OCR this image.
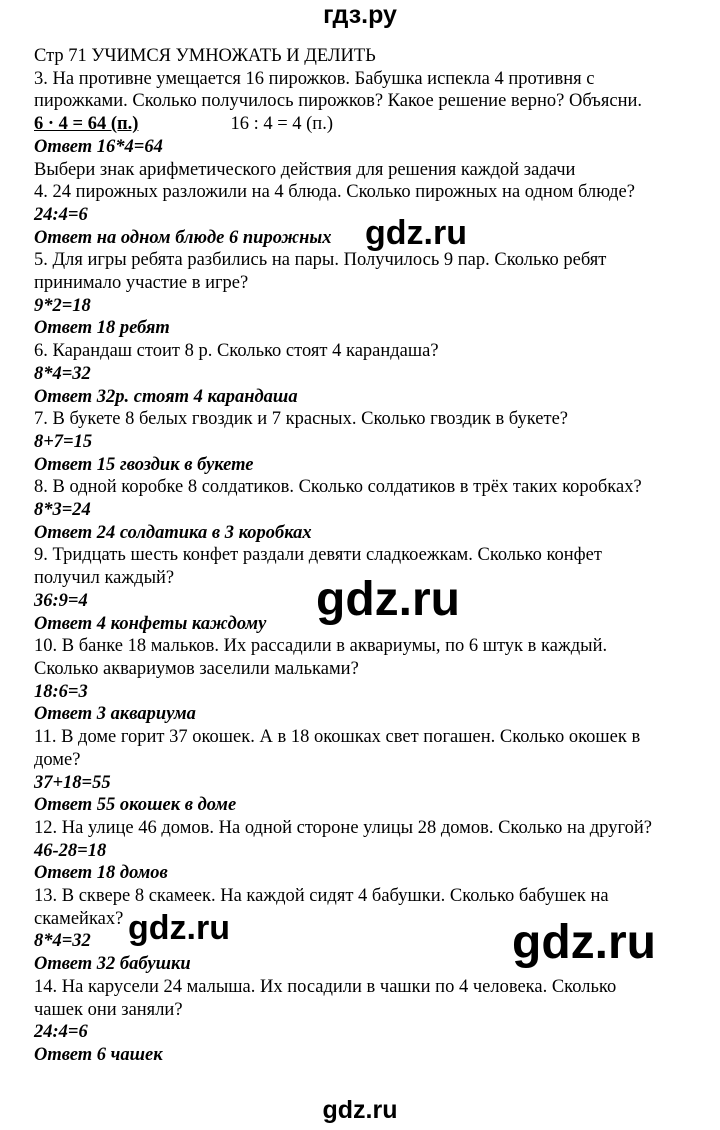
гдз.ру
Стр 71 УЧИМСЯ УМНОЖАТЬ И ДЕЛИТЬ
3. На противне умещается 16 пирожков. Бабушка испекла 4 противня с
пирожками. Сколько получилось пирожков? Какое решение верно? Объясни.
6 · 4 = 64 (п.)	16 : 4 = 4 (п.)
Ответ 16*4=64
Выбери знак арифметического действия для решения каждой задачи
4. 24 пирожных разложили на 4 блюда. Сколько пирожных на одном блюде?
24:4=6
Ответ на одном блюде 6 пирожных
5. Для игры ребята разбились на пары. Получилось 9 пар. Сколько ребят
принимало участие в игре?
9*2=18
Ответ 18 ребят
6. Карандаш стоит 8 р. Сколько стоят 4 карандаша?
8*4=32
Ответ 32р. стоят 4 карандаша
7. В букете 8 белых гвоздик и 7 красных. Сколько гвоздик в букете?
8+7=15
Ответ 15 гвоздик в букете
8. В одной коробке 8 солдатиков. Сколько солдатиков в трёх таких коробках?
8*3=24
Ответ 24 солдатика в 3 коробках
9. Тридцать шесть конфет раздали девяти сладкоежкам. Сколько конфет
получил каждый?
36:9=4
Ответ 4 конфеты каждому
10. В банке 18 мальков. Их рассадили в аквариумы, по 6 штук в каждый.
Сколько аквариумов заселили мальками?
18:6=3
Ответ 3 аквариума
11. В доме горит 37 окошек. А в 18 окошках свет погашен. Сколько окошек в
доме?
37+18=55
Ответ 55 окошек в доме
12. На улице 46 домов. На одной стороне улицы 28 домов. Сколько на другой?
46-28=18
Ответ 18 домов
13. В сквере 8 скамеек. На каждой сидят 4 бабушки. Сколько бабушек на
скамейках?
8*4=32
Ответ 32 бабушки
14. На карусели 24 малыша. Их посадили в чашки по 4 человека. Сколько
чашек они заняли?
24:4=6
Ответ 6 чашек
gdz.ru
gdz.ru
gdz.ru	gdz.ru
gdz.ru
